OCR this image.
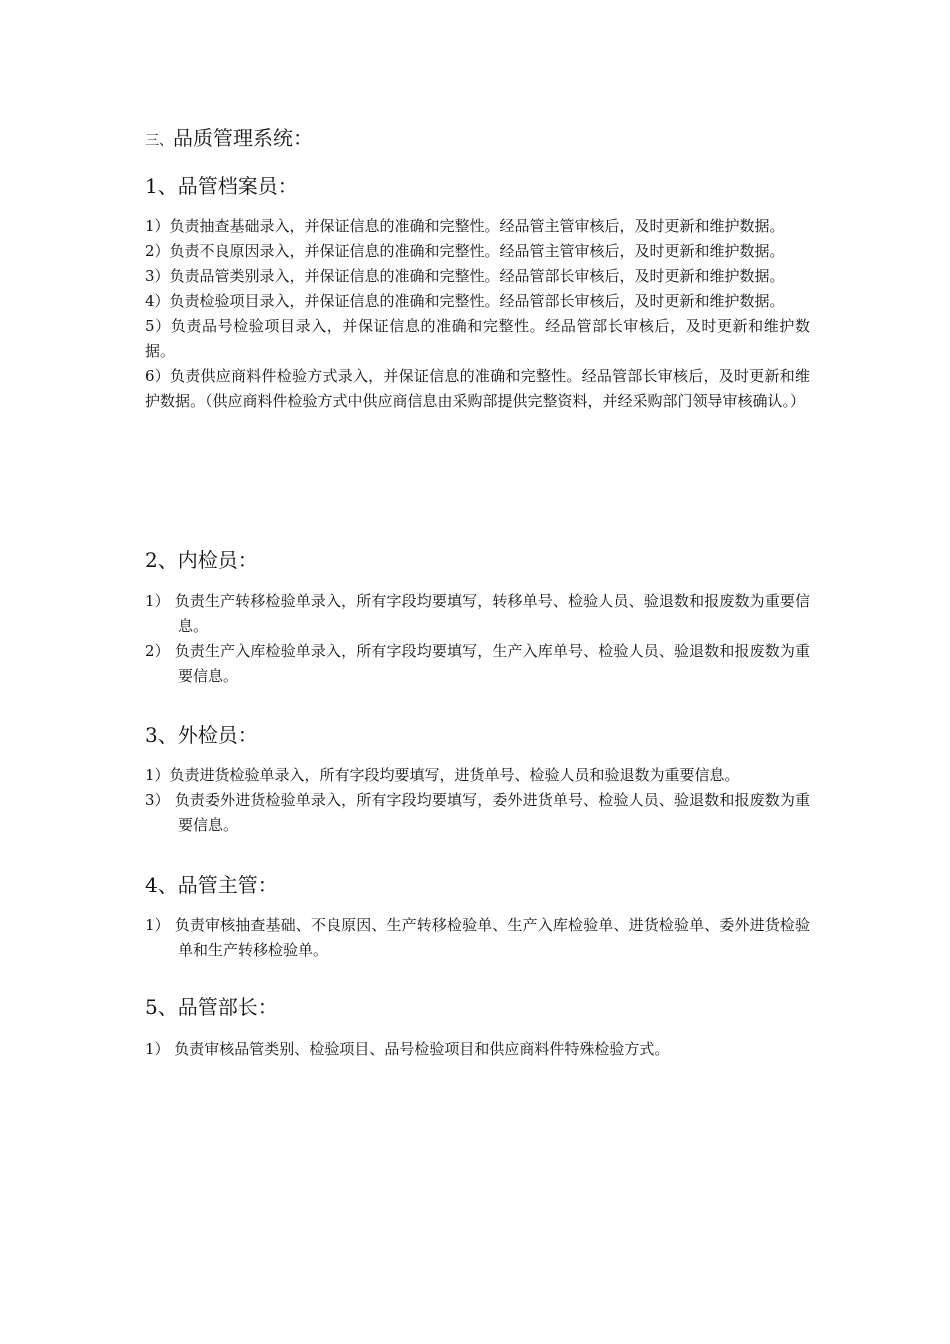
三、品质管理系统：
1、品管档案员：

1）负责抽查基础录入，并保证信息的准确和完整性。经品管主管审核后，及时更新和维护数据。

2）负责不良原因录入，并保证信息的准确和完整性。经品管主管审核后，及时更新和维护数据。

3）负责品管类别录入，并保证信息的准确和完整性。经品管部长审核后，及时更新和维护数据。

4）负责检验项目录入，并保证信息的准确和完整性。经品管部长审核后，及时更新和维护数据。

5）负责品号检验项目录入，并保证信息的准确和完整性。经品管部长审核后，及时更新和维护数据。

6）负责供应商料件检验方式录入，并保证信息的准确和完整性。经品管部长审核后，及时更新和维护数据。（供应商料件检验方式中供应商信息由采购部提供完整资料，并经采购部门领导审核确认。）

2、内检员：

1） 负责生产转移检验单录入，所有字段均要填写，转移单号、检验人员、验退数和报废数为重要信息。

2） 负责生产入库检验单录入，所有字段均要填写，生产入库单号、检验人员、验退数和报废数为重要信息。

3、外检员：

1）负责进货检验单录入，所有字段均要填写，进货单号、检验人员和验退数为重要信息。

3） 负责委外进货检验单录入，所有字段均要填写，委外进货单号、检验人员、验退数和报废数为重要信息。

4、品管主管：

1） 负责审核抽查基础、不良原因、生产转移检验单、生产入库检验单、进货检验单、委外进货检验单和生产转移检验单。

5、品管部长：

1） 负责审核品管类别、检验项目、品号检验项目和供应商料件特殊检验方式。
